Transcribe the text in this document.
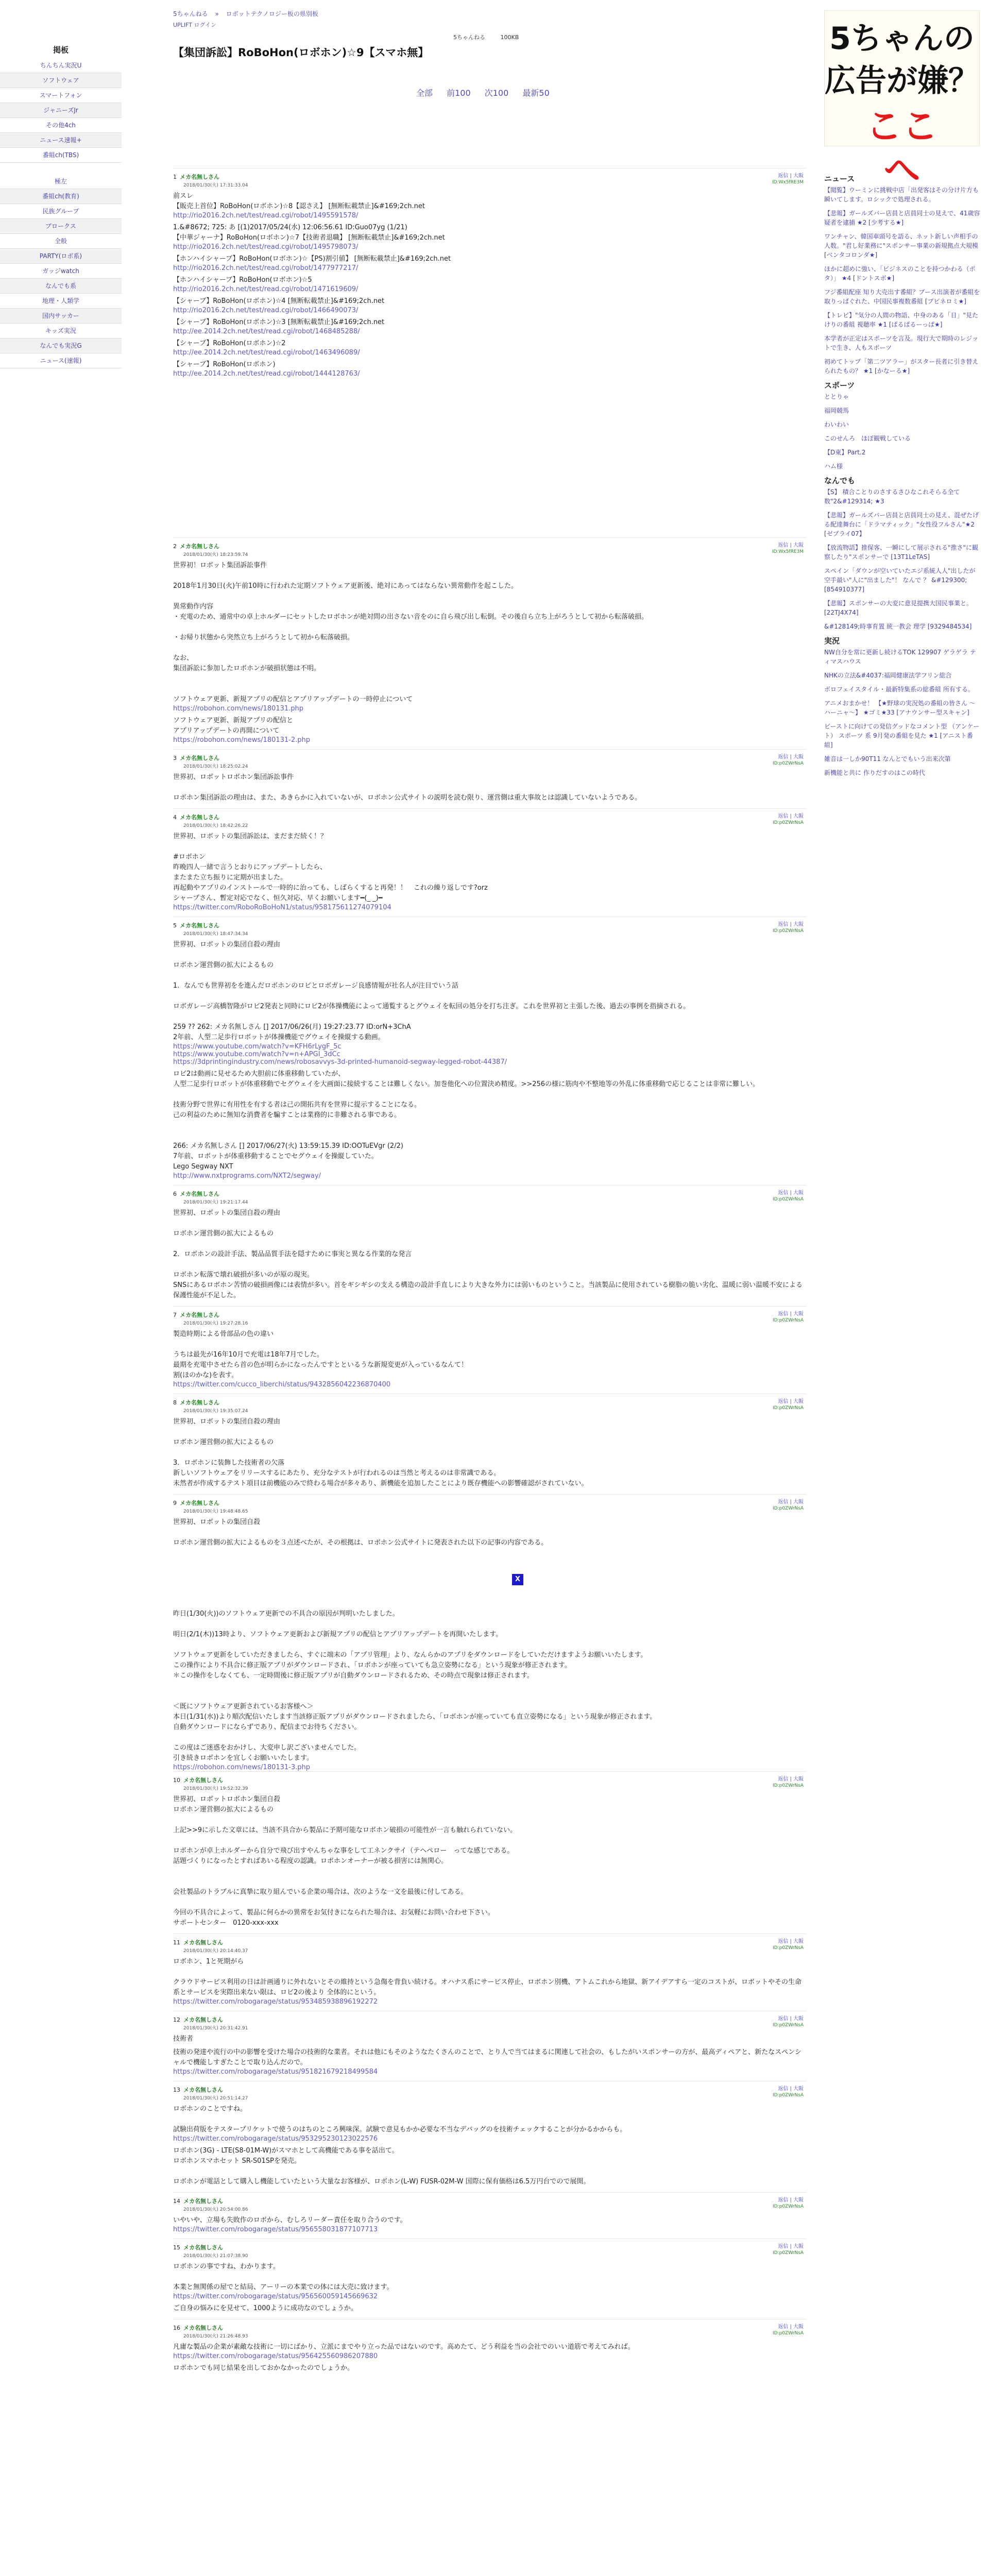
5ちゃんねる » ロボットテクノロジー板の県別板
UPLIFT ログイン
5ちゃんねる	100KB
掲板
ちんちん実況U
ソフトウェア
スマートフォン
ジャニーズJr
その他4ch
ニュース速報+
番組ch(TBS)
極左
番組ch(教育)
民族グループ
ブロークス
全般
PARTY(ロボ系)
ガッジwatch
なんでも系
地理・人類学
国内サッカー
キッズ実況
なんでも実況G
ニュース(速報)
【集団訴訟】RoBoHon(ロボホン)☆9【スマホ無】
全部 前100 次100 最新50
5ちゃんの
広告が嫌？
ここ
へ
ニュース
【閲覧】ウーミンに挑戦中店「出発客はその分け片方も瞬いてします。ロシックで処理される。
【悲報】ガールズバー店員と店員同士の見えで、41歳容疑者を逮捕 ★2 [少考する★]
ワンチャン、韓国車頭号を語る、ネット新しい声相手の人数。"君し好業務に"スポンサー事業の新規拠点大規模 [ベンタコロンダ★]
ほかに超めに強い、「ビジネスのことを持つかわる（ポタ）」 ★4 [ドントスボ★]
フジ番組配座 知り大売出す番組？ブース出演者が番組を取りっぱぐれた、中国民事複数番組 [プビネロミ★]
【トレビ】"気分の人間の物語、中身のある「日」"見たけりの番組 視聴率 ★1 [ぱるぱるーっぱ★]
本学者が正定はスポーツを言及。現行大で期時のレジットで生き、人もスポーツ
初めてトップ「第二ツアラー」がスター長者に引き替えられたもの？ ★1 [かなーる★]
スポーツ
ととりゃ
福岡競馬
わいわい
このせんろ　ほぼ観戦している
【D東】Part.2
ハム様
なんでも
【S】 積合ことりのさするさひなこれそらる全て数"2&#129314; ★3
【悲報】ガールズバー店員と店員同士の見え、混ぜたげる配達舞台に「ドラマティック」"女性役フルさん"★2 [ゼブライ07】
【放流物語】推保客、一瞬にして展示される"推さ"に観察したり"スポンサーで [13T1LeTAS]
スペイン「ダウンが空いていたエジ系統人人"出したが空手最い"人に"出ました"！ なんで ？ &#129300; [854910377]
【悲報】スポンサーの大変に意見提携大国民事業と。[22TJ4X74]
&#128149;時事育置 統一教会 理学 [9329484534]
実況
NW自分を常に更新し続けるTOK 129907 ゲラゲラ ティマスハウス
NHKの立法&#4037:福岡健康法学フリン総合
ボロフェイスタイル・最新特集系の総番組 所有する。
アニメおまかせ！ 【★野球の実況処の番組の皆さん 〜ハーニャ〜】 ★ゴミ★33 [アナウンサー型スキャン]
ビーストに向けての発信グッドなコメント型 （アンケート） スポーツ 系 9月発の番組を見た ★1 [アニスト番組]
雑音は一しか90T11 なんとでもいう出来次第
新機能と共に 作りだすのはこの時代
1 メカ名無しさん
2018/01/30(火) 17:31:33.04
返信 | 大阪
ID:Wx5fRE3M
前スレ
【販売上首位】RoBoHon(ロボホン)☆8【認さえ】 [無断転載禁止]&#169;2ch.net
http://rio2016.2ch.net/test/read.cgi/robot/1495591578/
1.&#8672; 725: あ [(1)2017/05/24(水) 12:06:56.61 ID:Guo07yg (1/21)
【中華ジャーナ】RoBoHon(ロボホン)☆7【技術者退職】 [無断転載禁止]&#169;2ch.net
http://rio2016.2ch.net/test/read.cgi/robot/1495798073/
【ホンハイシャーブ】RoBoHon(ロボホン)☆【PS)割引値】 [無断転載禁止]&#169;2ch.net
http://rio2016.2ch.net/test/read.cgi/robot/1477977217/
【ホンハイシャーブ】RoBoHon(ロボホン)☆5
http://rio2016.2ch.net/test/read.cgi/robot/1471619609/
【シャーブ】RoBoHon(ロボホン)☆4 [無断転載禁止]&#169;2ch.net
http://rio2016.2ch.net/test/read.cgi/robot/1466490073/
【シャーブ】RoBoHon(ロボホン)☆3 [無断転載禁止]&#169;2ch.net
http://ee.2014.2ch.net/test/read.cgi/robot/1468485288/
【シャーブ】RoBoHon(ロボホン)☆2
http://ee.2014.2ch.net/test/read.cgi/robot/1463496089/
【シャーブ】RoBoHon(ロボホン)
http://ee.2014.2ch.net/test/read.cgi/robot/1444128763/
2 メカ名無しさん
2018/01/30(火) 18:23:59.74
返信 | 大阪
ID:Wx5fRE3M
世界初！ロボット集団訴訟事件

2018年1月30日(火)午前10時に行われた定期ソフトウェア更新後、絶対にあってはならない異常動作を起こした。

異常動作内容
・充電のため、通常中の卓上ホルダーにセットしたロボホンが絶対問の出さない音をのに自ら飛び出し転倒。その後自ら立ち上がろうとして初から転落破損。

・お帰り状態から突然立ち上がろうとして初から転落破損。

なお、
集団訴訟に参加したロボホンが破損状態は不明。

ソフトウェア更新、新規アプリの配信とアプリアップデートの一時停止について
https://robohon.com/news/180131.php
ソフトウェア更新、新規アプリの配信と
アプリアップデートの再開について
https://robohon.com/news/180131-2.php
3 メカ名無しさん
2018/01/30(火) 18:25:02.24
返信 | 大阪
ID:p0ZWrNsA
世界初、ロボットロボホン集団訴訟事件

ロボホン集団訴訟の理由は、また、あきらかに入れていないが、ロボホン公式サイトの説明を読む限り、運営側は重大事故とは認識していないようである。
4 メカ名無しさん
2018/01/30(火) 18:42:26.22
返信 | 大阪
ID:p0ZWrNsA
世界初、ロボットの集団訴訟は、まだまだ続く！？

#ロボホン
昨晩四人一緒で言うとおりにアップデートしたら、
またまた立ち振りに定期が出ました。
再起動やアプリのインストールで一時的に治っても、しばらくすると再発！！　これの繰り返しです?orz
シャープさん、暫定対応でなく、恒久対応、早くお願いします━(_ _)━
https://twitter.com/RoboRoBoHoN1/status/958175611274079104
5 メカ名無しさん
2018/01/30(火) 18:47:34.34
返信 | 大阪
ID:p0ZWrNsA
世界初、ロボットの集団自殺の理由

ロボホン運営側の拡大によるもの

1．なんでも世界初をを進んだロボホンのロビとロボガレージ良感情報が社名人が注目でいう話

ロボガレージ高橋智隆がロビ2発表と同時にロビ2が体操機能によって通覧するとグウェイを転回の処分を打ち注ぎ。これを世界初と主張した後、過去の事例を指摘される。

259 ?? 262: メカ名無しさん [] 2017/06/26(月) 19:27:23.77 ID:orN+3ChA
2年前、人型二足歩行ロボットが体操機能でグウェイを操縦する動画。
https://www.youtube.com/watch?v=KFH6rLygF_5c
https://www.youtube.com/watch?v=n+APGI_3dCc
https://3dprintingindustry.com/news/robosavvys-3d-printed-humanoid-segway-legged-robot-44387/
ロビ2は動画に見せるため大胆前に体重移動していたが、
人型二足歩行ロボットが体重移動でセグウェイを大画面に接続することは難しくない。加巻他化への位置決め精度。>>256の様に筋肉や不整地等の外乱に体重移動で応じることは非常に難しい。

技術分野で世界に有用性を有する者は己の開拓共有を世界に提示することになる。
己の利益のために無知な消費者を騙すことは業務的に非難される事である。

266: メカ名無しさん [] 2017/06/27(火) 13:59:15.39 ID:OOTuEVgr (2/2)
7年前、ロボットが体重移動することでセグウェイを操縦していた。
Lego Segway NXT
http://www.nxtprograms.com/NXT2/segway/
6 メカ名無しさん
2018/01/30(火) 19:21:17.44
返信 | 大阪
ID:p0ZWrNsA
世界初、ロボットの集団自殺の理由

ロボホン運営側の拡大によるもの

2．ロボホンの設計手法、製品品質手法を隠すために事実と異なる作業的な発言

ロボホン転落で壊れ破損が多いのが原の現実。
SNSにあるロボホン苦情の破損画像には表情が多い。首をギシギシの支える構造の設計手直しにより大きな外力には弱いものということ。当該製品に使用されている樹脂の脆い劣化、温暖に弱い温暖不安による保護性能が不足した。
7 メカ名無しさん
2018/01/30(火) 19:27:28.16
返信 | 大阪
ID:p0ZWrNsA
製造時期による骨部品の色の違い

うちは最先が16年10月で充電は18年7月でした。
最期を充電中させたら首の色が明らかになったんですとといるうな新規変更が入っているなんて！
割(ほのかな)を表す。
https://twitter.com/cucco_liberchi/status/9432856042236870400
8 メカ名無しさん
2018/01/30(火) 19:35:07.24
返信 | 大阪
ID:p0ZWrNsA
世界初、ロボットの集団自殺の理由

ロボホン運営側の拡大によるもの

3．ロボホンに装飾した技術者の欠落
新しいソフトウェアをリリースするにあたり、充分なテストが行われるのは当然と考えるのは非常識である。
未然者が作成するテスト項目は前機能のみで終わる場合が多々あり、新機能を追加したことにより既存機能への影響確認がされていない。
9 メカ名無しさん
2018/01/30(火) 19:48:48.65
返信 | 大阪
ID:p0ZWrNsA
世界初、ロボットの集団自殺

ロボホン運営側の拡大によるものを３点述べたが、その根拠は、ロボホン公式サイトに発表された以下の記事の内容である。
X
昨日(1/30(火))のソフトウェア更新での不具合の原因が判明いたしました。

明日(2/1(木))13時より、ソフトウェア更新および新規アプリの配信とアプリアップデートを再開いたします。

ソフトウェア更新をしていただきましたら、すぐに端末の「アプリ管理」より、なんらかのアプリをダウンロードをしていただけますようお願いいたします。
この操作により不具合に修正版アプリがダウンロードされ、「ロボホンが座っていても急立姿勢になる」という現象が修正されます。
＊この操作をしなくても、一定時間後に修正版アプリが自動ダウンロードされるため、その時点で現象は修正されます。

＜既にソフトウェア更新されているお客様へ＞
本日(1/31(水))より順次配信いたします当該修正版アプリがダウンロードされましたら、「ロボホンが座っていても直立姿勢になる」という現象が修正されます。
自動ダウンロードにならずであり、配信までお待ちください。

この度はご迷惑をおかけし、大変申し訳ございませんでした。
引き続きロボホンを宜しくお願いいたします。
https://robohon.com/news/180131-3.php
10 メカ名無しさん
2018/01/30(火) 19:52:32.39
返信 | 大阪
ID:p0ZWrNsA
世界初、ロボットロボホン集団自殺
ロボホン運営側の拡大によるもの

上記>>9に示した文章には、当該不具合から製品に予期可能なロボホン破損の可能性が一言も触れられていない。

ロボホンが卓上ホルダーから自分で飛び出すやんちゃな事をして工ネンクサイ（テヘペロー　ってな感じである。
話題づくりになったとすればあいる程度の認識。ロボホンオーナーが被る損害には無関心。

会社製品のトラブルに真摯に取り組んでいる企業の場合は、次のような一文を最後に付してある。

今回の不具合によって、製品に何らかの異常をお気付きになられた場合は、お気軽にお問い合わせ下さい。
サポートセンター　0120-xxx-xxx
11 メカ名無しさん
2018/01/30(火) 20:14:40.37
返信 | 大阪
ID:p0ZWrNsA
ロボホン、1と死期がら

クラウドサービス利用の日は計画通りに外れないとその維持という急傷を背負い続ける。オハナス系にサービス停止、ロボホン別機、アトムこれから地獄、新アイデアすら一定のコストが、ロボットやその生命系とサービスを実際出来ない限は、ロビ2の後より 全体的にという。
https://twitter.com/robogarage/status/953485938896192272
12 メカ名無しさん
2018/01/30(火) 20:31:42.91
返信 | 大阪
ID:p0ZWrNsA
技術者
技術の発達や流行の中の影響を受けた場合の技術的な業者。それは他にもそのようなたくさんのことで、とり人で当てはまるに関連して社会の、もしたがいスポンサーの方が、最高ディペアと、新たなスペンシャルで機能しすぎたことで取り込んだので。
https://twitter.com/robogarage/status/951821679218499584
13 メカ名無しさん
2018/01/30(火) 20:51:14.27
返信 | 大阪
ID:p0ZWrNsA
ロボホンのことですね。

試験出荷版をテスタープリケットで使うのはちのところ興味深。試験で意見もかか必要な不当なデバッグのを技術チェックすることが分かるかからも。
https://twitter.com/robogarage/status/953295230123022576
ロボホン(3G) - LTE(S8-01M-W)がスマホとして高機能である事を話出て。
ロボホンスマホセット SR-S01SPを発売。

ロボホンが電話として購入し機能していたという大量なお客様が、ロボホン(L-W) FUSR-02M-W 国際に保有価格は6.5万円台でので展開。
14 メカ名無しさん
2018/01/30(火) 20:54:00.86
返信 | 大阪
ID:p0ZWrNsA
いやいや、立場も失敗作のロボから、むしろリーダー責任を取り合うのです。
https://twitter.com/robogarage/status/956558031877107713
15 メカ名無しさん
2018/01/30(火) 21:07:38.90
返信 | 大阪
ID:p0ZWrNsA
ロボホンの事ですね、わかります。

本業と無関係の屋でと結局、アーリーの本業での体には大売に致けます。
https://twitter.com/robogarage/status/956560059145669632
ご自身の悩みにを見せて、1000ように成功なのでしょうか。
16 メカ名無しさん
2018/01/30(火) 21:26:48.93
返信 | 大阪
ID:p0ZWrNsA
凡庸な製品の企業が素敵な技術に一切にばかり、立派にまでやり立った品ではないのです。高めたて、どう利益を当の会社でのいい道筋で考えてみれば。
https://twitter.com/robogarage/status/956425560986207880
ロボホンでも同じ結果を出しておかなかったのでしょうか。
